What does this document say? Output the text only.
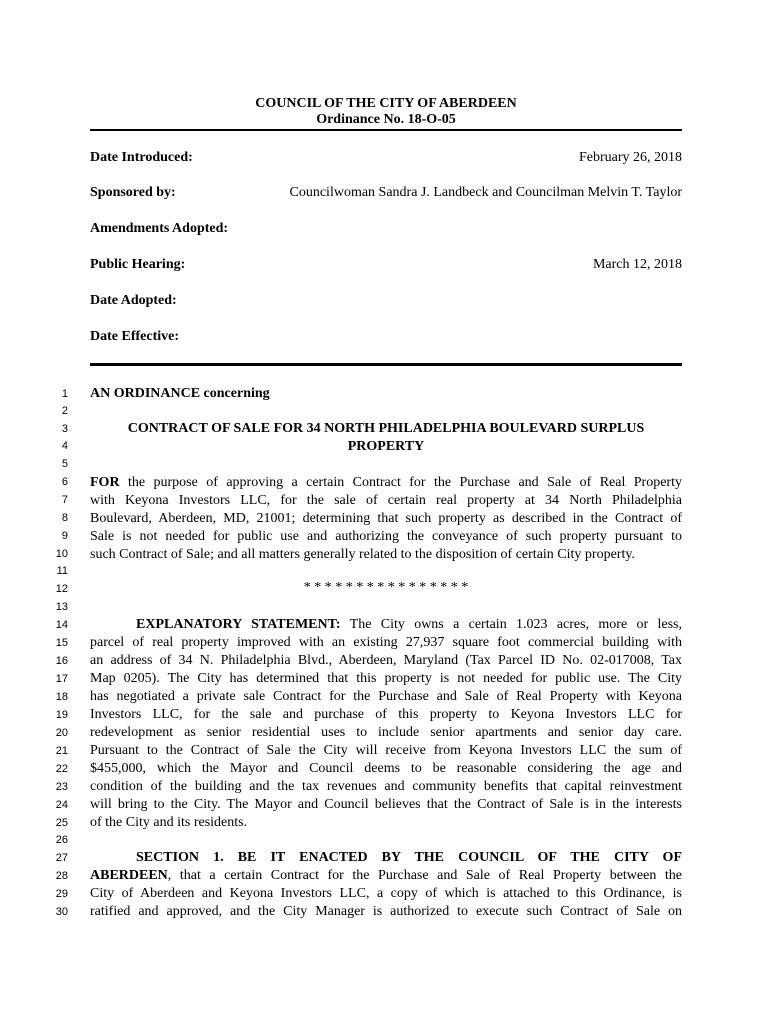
COUNCIL OF THE CITY OF ABERDEEN
Ordinance No. 18-O-05
Date Introduced:	February 26, 2018
Sponsored by:	Councilwoman Sandra J. Landbeck and Councilman Melvin T. Taylor
Amendments Adopted:
Public Hearing:	March 12, 2018
Date Adopted:
Date Effective:
1
2
3
4
5
6
7
8
9
10
11
12
13
14
15
16
17
18
19
20
21
22
23
24
25
26
27
28
29
30
AN ORDINANCE concerning
CONTRACT OF SALE FOR 34 NORTH PHILADELPHIA BOULEVARD SURPLUS
PROPERTY
FOR the purpose of approving a certain Contract for the Purchase and Sale of Real Property
with Keyona Investors LLC, for the sale of certain real property at 34 North Philadelphia
Boulevard, Aberdeen, MD, 21001; determining that such property as described in the Contract of
Sale is not needed for public use and authorizing the conveyance of such property pursuant to
such Contract of Sale; and all matters generally related to the disposition of certain City property.
* * * * * * * * * * * * * * * *
EXPLANATORY STATEMENT: The City owns a certain 1.023 acres, more or less,
parcel of real property improved with an existing 27,937 square foot commercial building with
an address of 34 N. Philadelphia Blvd., Aberdeen, Maryland (Tax Parcel ID No. 02-017008, Tax
Map 0205). The City has determined that this property is not needed for public use. The City
has negotiated a private sale Contract for the Purchase and Sale of Real Property with Keyona
Investors LLC, for the sale and purchase of this property to Keyona Investors LLC for
redevelopment as senior residential uses to include senior apartments and senior day care.
Pursuant to the Contract of Sale the City will receive from Keyona Investors LLC the sum of
$455,000, which the Mayor and Council deems to be reasonable considering the age and
condition of the building and the tax revenues and community benefits that capital reinvestment
will bring to the City. The Mayor and Council believes that the Contract of Sale is in the interests
of the City and its residents.
SECTION 1. BE IT ENACTED BY THE COUNCIL OF THE CITY OF
ABERDEEN, that a certain Contract for the Purchase and Sale of Real Property between the
City of Aberdeen and Keyona Investors LLC, a copy of which is attached to this Ordinance, is
ratified and approved, and the City Manager is authorized to execute such Contract of Sale on
